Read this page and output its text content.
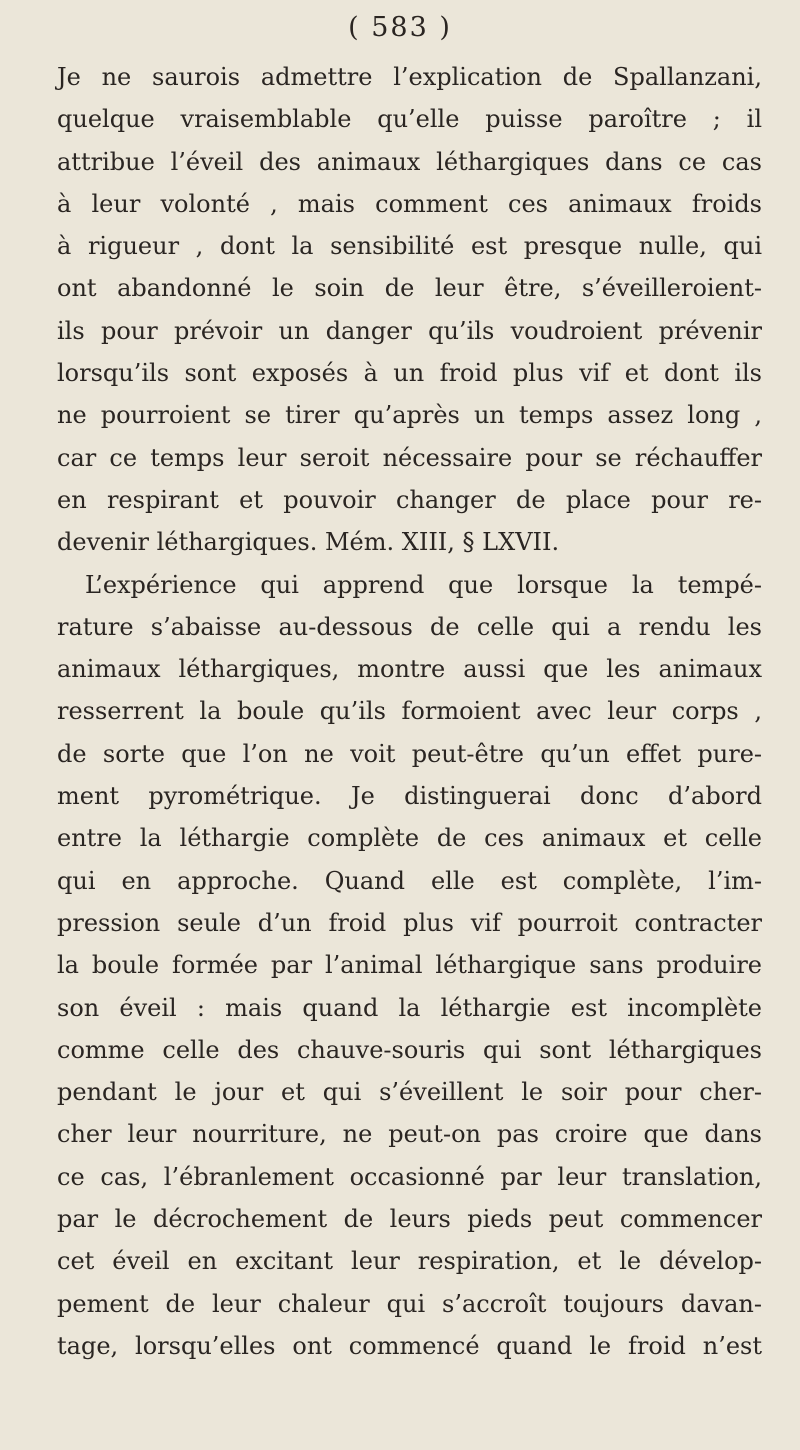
( 583 )
Je ne saurois admettre l’explication de Spallanzani,
quelque vraisemblable qu’elle puisse paroître ; il
attribue l’éveil des animaux léthargiques dans ce cas
à leur volonté , mais comment ces animaux froids
à rigueur , dont la sensibilité est presque nulle, qui
ont abandonné le soin de leur être, s’éveilleroient-
ils pour prévoir un danger qu’ils voudroient prévenir
lorsqu’ils sont exposés à un froid plus vif et dont ils
ne pourroient se tirer qu’après un temps assez long ,
car ce temps leur seroit nécessaire pour se réchauffer
en respirant et pouvoir changer de place pour re-
devenir léthargiques. Mém. XIII, § LXVII.
L’expérience qui apprend que lorsque la tempé-
rature s’abaisse au-dessous de celle qui a rendu les
animaux léthargiques, montre aussi que les animaux
resserrent la boule qu’ils formoient avec leur corps ,
de sorte que l’on ne voit peut-être qu’un effet pure-
ment pyrométrique. Je distinguerai donc d’abord
entre la léthargie complète de ces animaux et celle
qui en approche. Quand elle est complète, l’im-
pression seule d’un froid plus vif pourroit contracter
la boule formée par l’animal léthargique sans produire
son éveil : mais quand la léthargie est incomplète
comme celle des chauve-souris qui sont léthargiques
pendant le jour et qui s’éveillent le soir pour cher-
cher leur nourriture, ne peut-on pas croire que dans
ce cas, l’ébranlement occasionné par leur translation,
par le décrochement de leurs pieds peut commencer
cet éveil en excitant leur respiration, et le dévelop-
pement de leur chaleur qui s’accroît toujours davan-
tage, lorsqu’elles ont commencé quand le froid n’est
